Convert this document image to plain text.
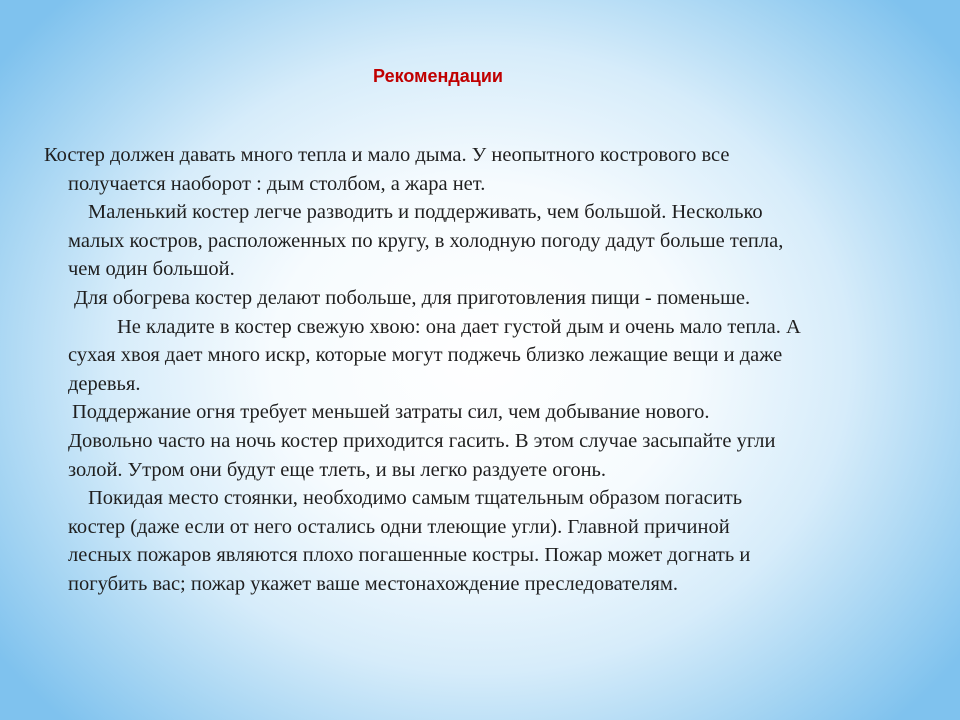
Рекомендации
Костер должен давать много тепла и мало дыма. У неопытного кострового все
получается наоборот : дым столбом, а жара нет.
Маленький костер легче разводить и поддерживать, чем большой. Несколько
малых костров, расположенных по кругу, в холодную погоду дадут больше тепла,
чем один большой.
Для обогрева костер делают побольше, для приготовления пищи - поменьше.
Не кладите в костер свежую хвою: она дает густой дым и очень мало тепла. А
сухая хвоя дает много искр, которые могут поджечь близко лежащие вещи и даже
деревья.
Поддержание огня требует меньшей затраты сил, чем добывание нового.
Довольно часто на ночь костер приходится гасить. В этом случае засыпайте угли
золой. Утром они будут еще тлеть, и вы легко раздуете огонь.
Покидая место стоянки, необходимо самым тщательным образом погасить
костер (даже если от него остались одни тлеющие угли). Главной причиной
лесных пожаров являются плохо погашенные костры. Пожар может догнать и
погубить вас; пожар укажет ваше местонахождение преследователям.
